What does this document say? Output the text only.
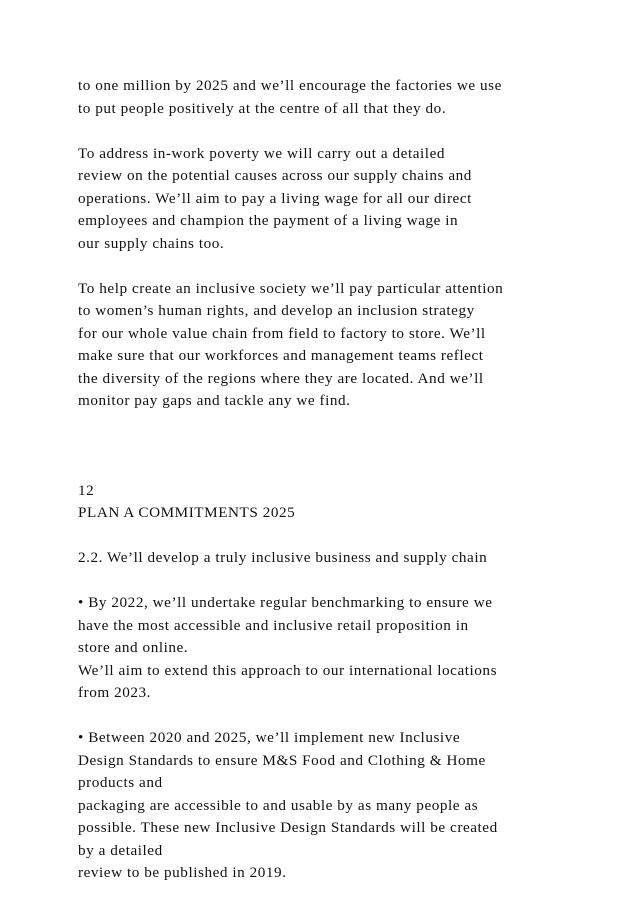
to one million by 2025 and we’ll encourage the factories we use

to put people positively at the centre of all that they do.

To address in-work poverty we will carry out a detailed

review on the potential causes across our supply chains and

operations. We’ll aim to pay a living wage for all our direct

employees and champion the payment of a living wage in

our supply chains too.

To help create an inclusive society we’ll pay particular attention

to women’s human rights, and develop an inclusion strategy

for our whole value chain from field to factory to store. We’ll

make sure that our workforces and management teams reflect

the diversity of the regions where they are located. And we’ll

monitor pay gaps and tackle any we find.

12

PLAN A COMMITMENTS 2025

2.2. We’ll develop a truly inclusive business and supply chain

• By 2022, we’ll undertake regular benchmarking to ensure we

have the most accessible and inclusive retail proposition in

store and online.

We’ll aim to extend this approach to our international locations

from 2023.

• Between 2020 and 2025, we’ll implement new Inclusive

Design Standards to ensure M&S Food and Clothing & Home

products and

packaging are accessible to and usable by as many people as

possible. These new Inclusive Design Standards will be created

by a detailed

review to be published in 2019.
